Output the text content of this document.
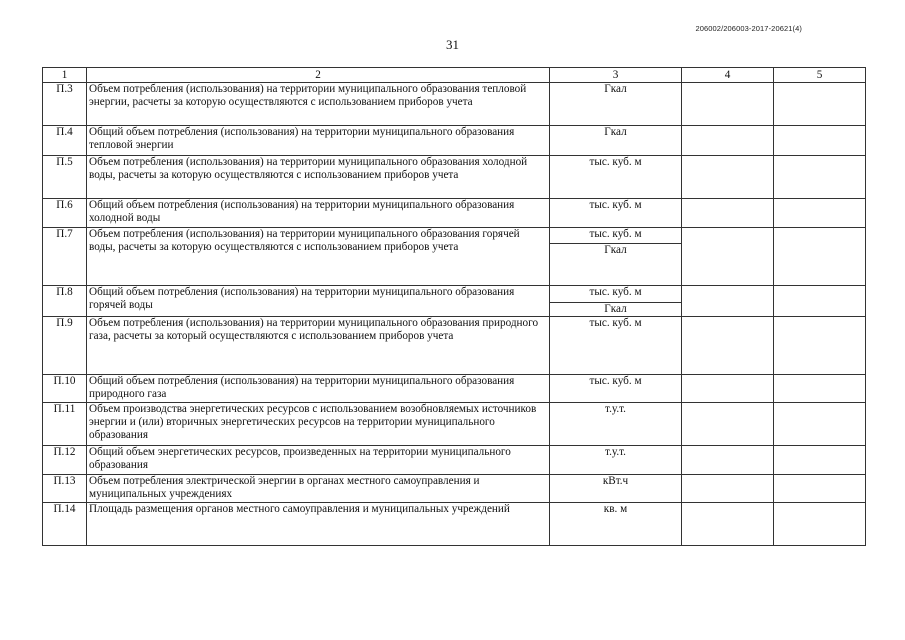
206002/206003-2017-20621(4)
31
1	2	3	4	5
П.3	Объем потребления (использования) на территории муниципального образования тепловой энергии, расчеты за которую осуществляются с использованием приборов учета	Гкал		
П.4	Общий объем потребления (использования) на территории муниципального образования тепловой энергии	Гкал		
П.5	Объем потребления (использования) на территории муниципального образования холодной воды, расчеты за которую осуществляются с использованием приборов учета	тыс. куб. м		
П.6	Общий объем потребления (использования) на территории муниципального образования холодной воды	тыс. куб. м		
П.7	Объем потребления (использования) на территории муниципального образования горячей воды, расчеты за которую осуществляются с использованием приборов учета	тыс. куб. м
Гкал		

П.8	Общий объем потребления (использования) на территории муниципального образования горячей воды	тыс. куб. м
Гкал		

П.9	Объем потребления (использования) на территории муниципального образования природного газа, расчеты за который осуществляются с использованием приборов учета	тыс. куб. м		
П.10	Общий объем потребления (использования) на территории муниципального образования природного газа	тыс. куб. м		
П.11	Объем производства энергетических ресурсов с использованием возобновляемых источников энергии и (или) вторичных энергетических ресурсов на территории муниципального образования	т.у.т.		
П.12	Общий объем энергетических ресурсов, произведенных на территории муниципального образования	т.у.т.		
П.13	Объем потребления электрической энергии в органах местного самоуправления и муниципальных учреждениях	кВт.ч		
П.14	Площадь размещения органов местного самоуправления и муниципальных учреждений	кв. м		
